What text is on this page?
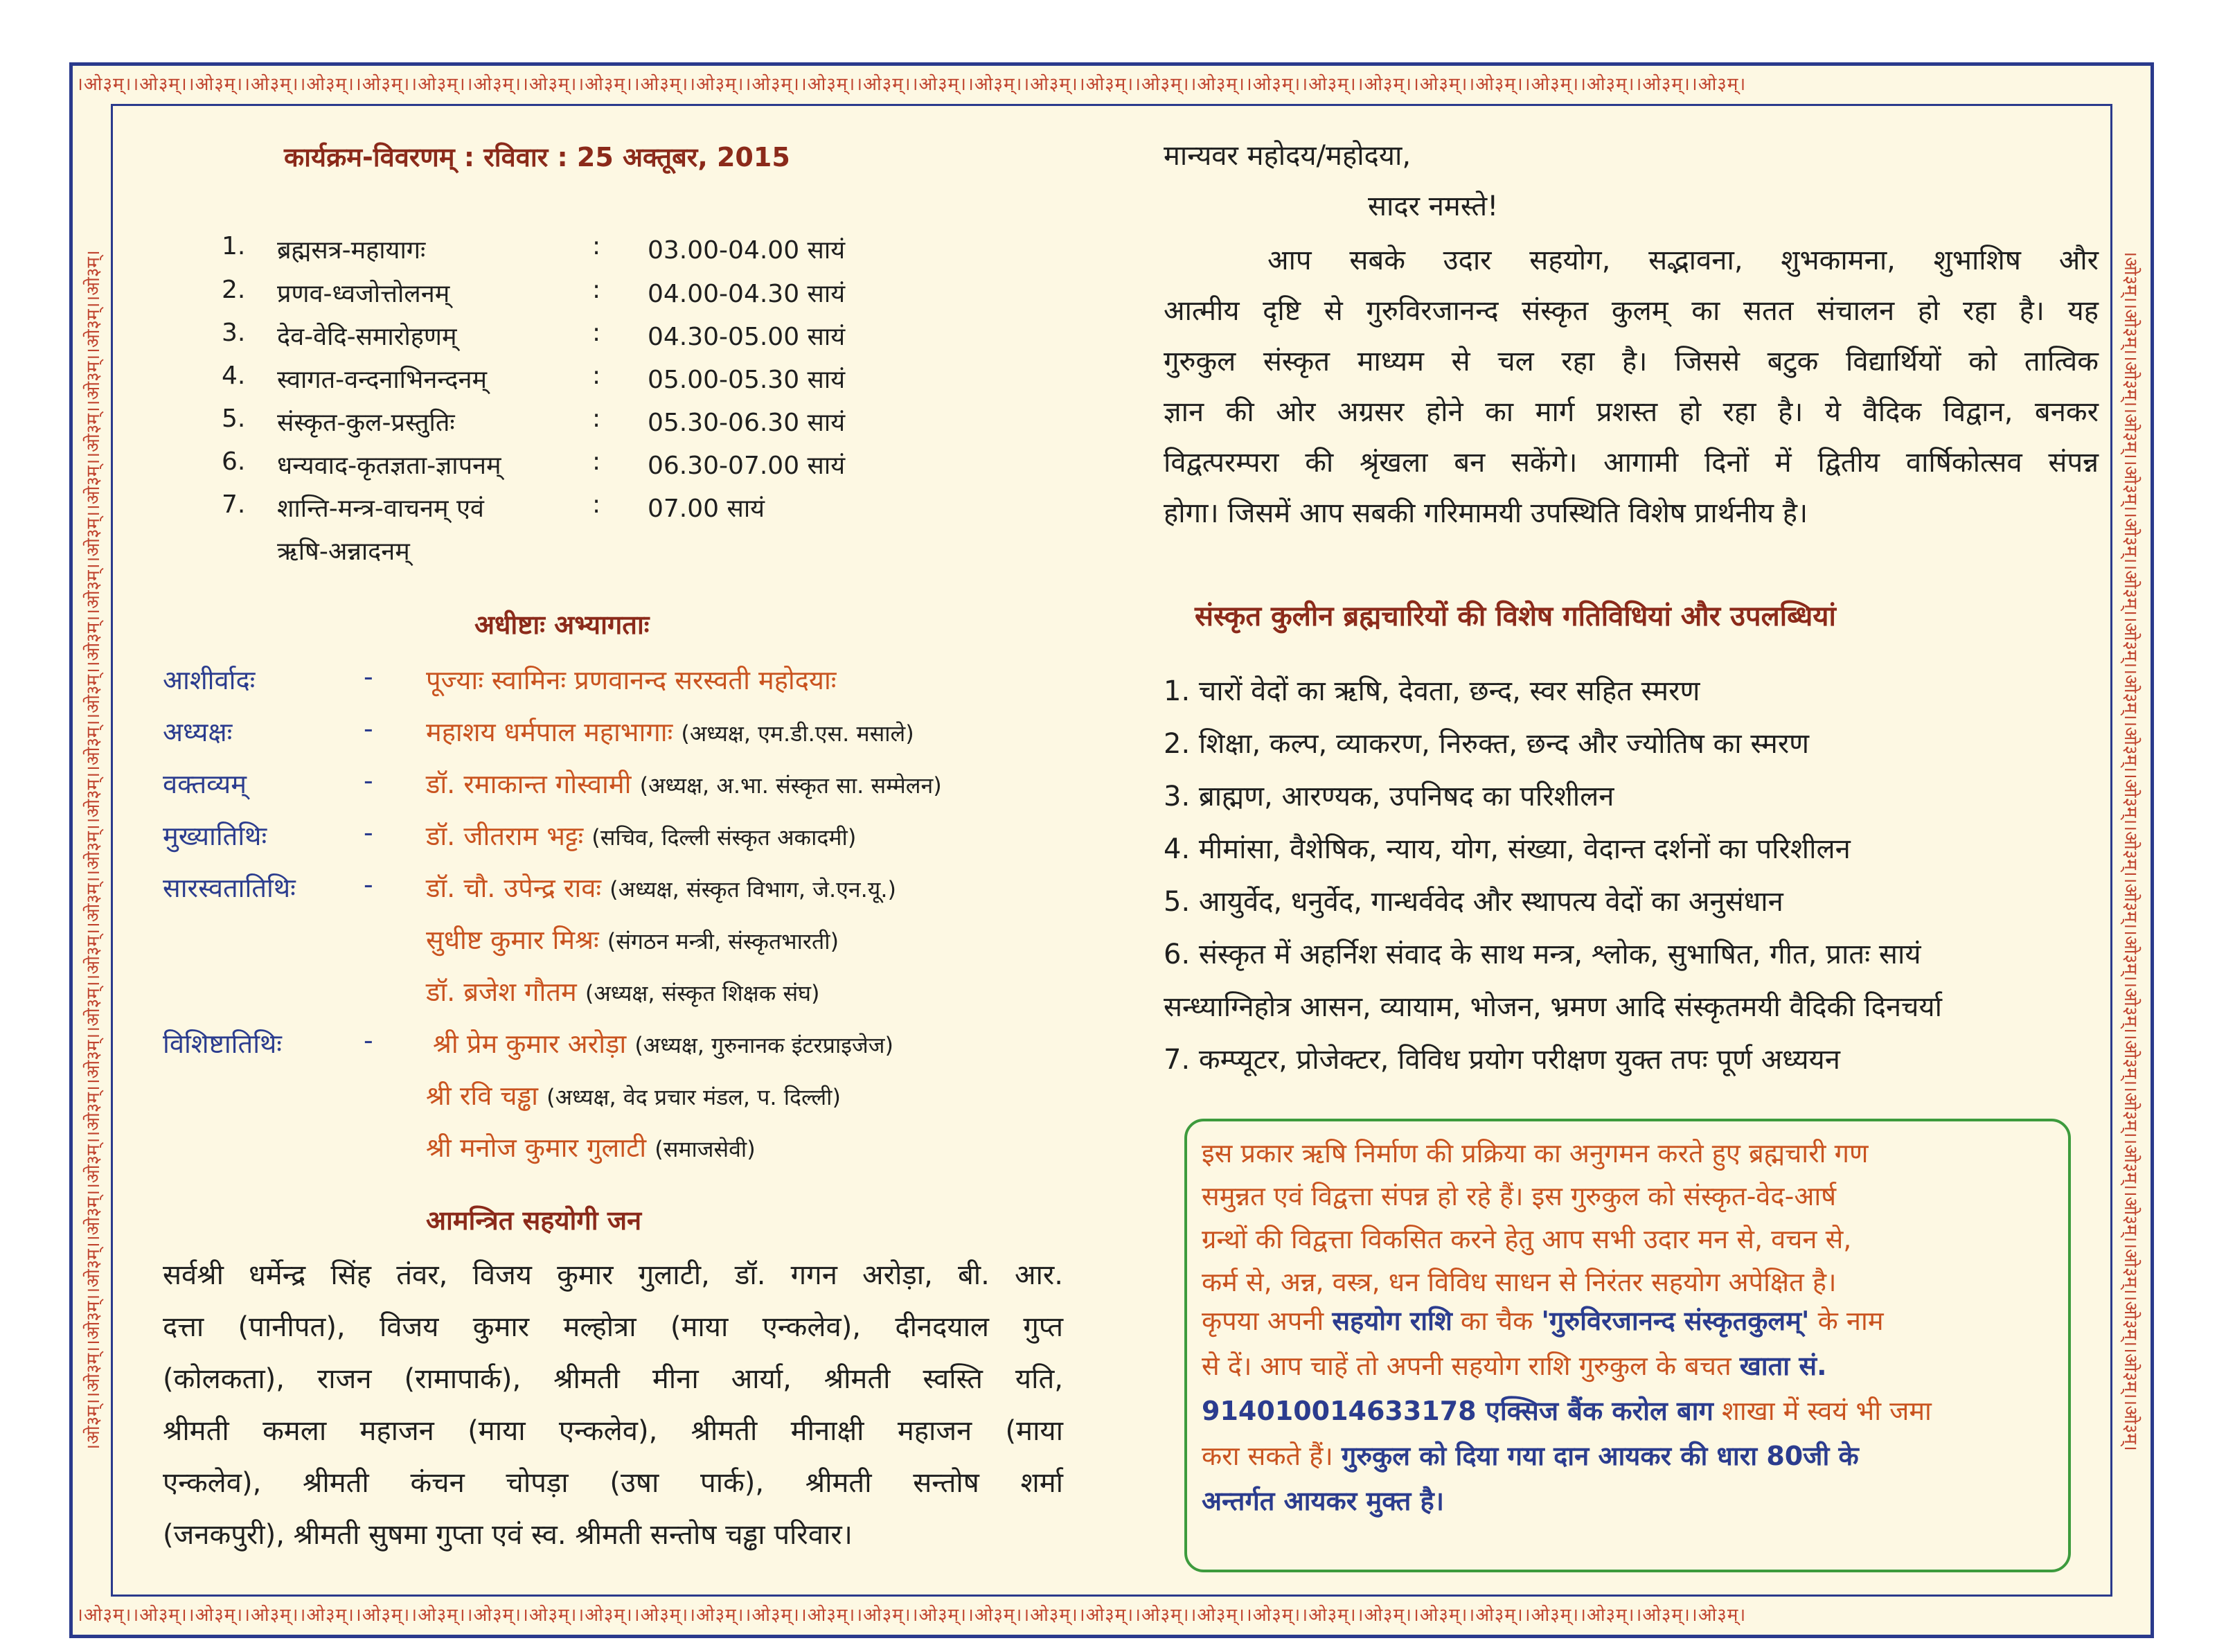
।ओ३म्।।ओ३म्।।ओ३म्।।ओ३म्।।ओ३म्।।ओ३म्।।ओ३म्।।ओ३म्।।ओ३म्।।ओ३म्।।ओ३म्।।ओ३म्।।ओ३म्।।ओ३म्।।ओ३म्।।ओ३म्।।ओ३म्।।ओ३म्।।ओ३म्।।ओ३म्।।ओ३म्।।ओ३म्।।ओ३म्।।ओ३म्।।ओ३म्।।ओ३म्।।ओ३म्।।ओ३म्।।ओ३म्।।ओ३म्।
।ओ३म्।।ओ३म्।।ओ३म्।।ओ३म्।।ओ३म्।।ओ३म्।।ओ३म्।।ओ३म्।।ओ३म्।।ओ३म्।।ओ३म्।।ओ३म्।।ओ३म्।।ओ३म्।।ओ३म्।।ओ३म्।।ओ३म्।।ओ३म्।।ओ३म्।।ओ३म्।।ओ३म्।।ओ३म्।।ओ३म्।।ओ३म्।।ओ३म्।।ओ३म्।।ओ३म्।।ओ३म्।।ओ३म्।।ओ३म्।
।ओ३म्।।ओ३म्।।ओ३म्।।ओ३म्।।ओ३म्।।ओ३म्।।ओ३म्।।ओ३म्।।ओ३म्।।ओ३म्।।ओ३म्।।ओ३म्।।ओ३म्।।ओ३म्।।ओ३म्।।ओ३म्।।ओ३म्।।ओ३म्।।ओ३म्।।ओ३म्।।ओ३म्।।ओ३म्।।ओ३म्।	।ओ३म्।।ओ३म्।।ओ३म्।।ओ३म्।।ओ३म्।।ओ३म्।।ओ३म्।।ओ३म्।।ओ३म्।।ओ३म्।।ओ३म्।।ओ३म्।।ओ३म्।।ओ३म्।।ओ३म्।।ओ३म्।।ओ३म्।।ओ३म्।।ओ३म्।।ओ३म्।।ओ३म्।।ओ३म्।।ओ३म्।
कार्यक्रम-विवरणम् : रविवार : 25 अक्तूबर, 2015
1.	ब्रह्मसत्र-महायागः	: 03.00-04.00 सायं
2.	प्रणव-ध्वजोत्तोलनम्	: 04.00-04.30 सायं
3.	देव-वेदि-समारोहणम्	: 04.30-05.00 सायं
4.	स्वागत-वन्दनाभिनन्दनम्	: 05.00-05.30 सायं
5.	संस्कृत-कुल-प्रस्तुतिः	: 05.30-06.30 सायं
6.	धन्यवाद-कृतज्ञता-ज्ञापनम्	: 06.30-07.00 सायं
7.	शान्ति-मन्त्र-वाचनम् एवं	: 07.00 सायं
ऋषि-अन्नादनम्
अधीष्टाः अभ्यागताः
आशीर्वादः	- पूज्याः स्वामिनः प्रणवानन्द सरस्वती महोदयाः
अध्यक्षः	- महाशय धर्मपाल महाभागाः (अध्यक्ष, एम.डी.एस. मसाले)
वक्तव्यम्	- डॉ. रमाकान्त गोस्वामी (अध्यक्ष, अ.भा. संस्कृत सा. सम्मेलन)
मुख्यातिथिः	- डॉ. जीतराम भट्टः (सचिव, दिल्ली संस्कृत अकादमी)
सारस्वतातिथिः	- डॉ. चौ. उपेन्द्र रावः (अध्यक्ष, संस्कृत विभाग, जे.एन.यू.)
सुधीष्ट कुमार मिश्रः (संगठन मन्त्री, संस्कृतभारती)
डॉ. ब्रजेश गौतम (अध्यक्ष, संस्कृत शिक्षक संघ)
विशिष्टातिथिः	- श्री प्रेम कुमार अरोड़ा (अध्यक्ष, गुरुनानक इंटरप्राइजेज)
श्री रवि चड्ढा (अध्यक्ष, वेद प्रचार मंडल, प. दिल्ली)
श्री मनोज कुमार गुलाटी (समाजसेवी)
आमन्त्रित सहयोगी जन
सर्वश्री धर्मेन्द्र सिंह तंवर, विजय कुमार गुलाटी, डॉ. गगन अरोड़ा, बी. आर.
दत्ता (पानीपत), विजय कुमार मल्होत्रा (माया एन्कलेव), दीनदयाल गुप्त
(कोलकता), राजन (रामापार्क), श्रीमती मीना आर्या, श्रीमती स्वस्ति यति,
श्रीमती कमला महाजन (माया एन्कलेव), श्रीमती मीनाक्षी महाजन (माया
एन्कलेव), श्रीमती कंचन चोपड़ा (उषा पार्क), श्रीमती सन्तोष शर्मा
(जनकपुरी), श्रीमती सुषमा गुप्ता एवं स्व. श्रीमती सन्तोष चड्ढा परिवार।
मान्यवर महोदय/महोदया,
सादर नमस्ते!
आप सबके उदार सहयोग, सद्भावना, शुभकामना, शुभाशिष और
आत्मीय दृष्टि से गुरुविरजानन्द संस्कृत कुलम् का सतत संचालन हो रहा है। यह
गुरुकुल संस्कृत माध्यम से चल रहा है। जिससे बटुक विद्यार्थियों को तात्विक
ज्ञान की ओर अग्रसर होने का मार्ग प्रशस्त हो रहा है। ये वैदिक विद्वान, बनकर
विद्वत्परम्परा की श्रृंखला बन सकेंगे। आगामी दिनों में द्वितीय वार्षिकोत्सव संपन्न
होगा। जिसमें आप सबकी गरिमामयी उपस्थिति विशेष प्रार्थनीय है।
संस्कृत कुलीन ब्रह्मचारियों की विशेष गतिविधियां और उपलब्धियां
1. चारों वेदों का ऋषि, देवता, छन्द, स्वर सहित स्मरण
2. शिक्षा, कल्प, व्याकरण, निरुक्त, छन्द और ज्योतिष का स्मरण
3. ब्राह्मण, आरण्यक, उपनिषद का परिशीलन
4. मीमांसा, वैशेषिक, न्याय, योग, संख्या, वेदान्त दर्शनों का परिशीलन
5. आयुर्वेद, धनुर्वेद, गान्धर्ववेद और स्थापत्य वेदों का अनुसंधान
6. संस्कृत में अहर्निश संवाद के साथ मन्त्र, श्लोक, सुभाषित, गीत, प्रातः सायं
सन्ध्याग्निहोत्र आसन, व्यायाम, भोजन, भ्रमण आदि संस्कृतमयी वैदिकी दिनचर्या
7. कम्प्यूटर, प्रोजेक्टर, विविध प्रयोग परीक्षण युक्त तपः पूर्ण अध्ययन
इस प्रकार ऋषि निर्माण की प्रक्रिया का अनुगमन करते हुए ब्रह्मचारी गण
समुन्नत एवं विद्वत्ता संपन्न हो रहे हैं। इस गुरुकुल को संस्कृत-वेद-आर्ष
ग्रन्थों की विद्वत्ता विकसित करने हेतु आप सभी उदार मन से, वचन से,
कर्म से, अन्न, वस्त्र, धन विविध साधन से निरंतर सहयोग अपेक्षित है।
कृपया अपनी सहयोग राशि का चैक 'गुरुविरजानन्द संस्कृतकुलम्' के नाम
से दें। आप चाहें तो अपनी सहयोग राशि गुरुकुल के बचत खाता सं.
914010014633178 एक्सिज बैंक करोल बाग शाखा में स्वयं भी जमा
करा सकते हैं। गुरुकुल को दिया गया दान आयकर की धारा 80जी के
अन्तर्गत आयकर मुक्त है।
